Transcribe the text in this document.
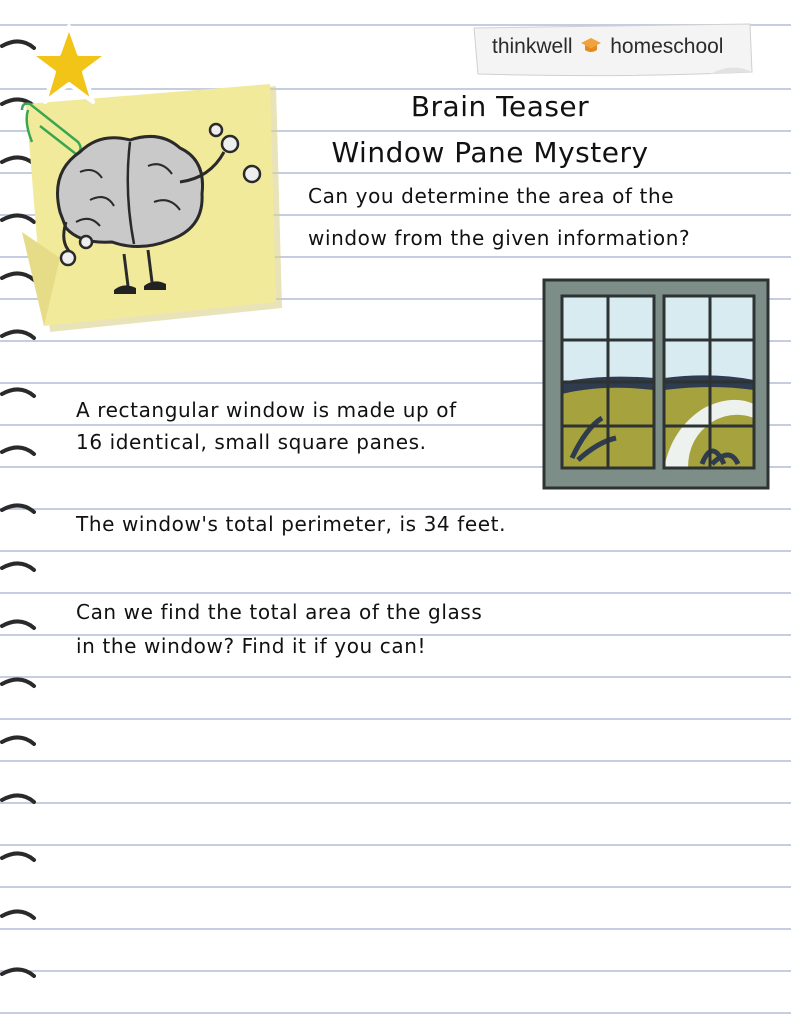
thinkwell homeschool
Brain Teaser
Window Pane Mystery
Can you determine the area of the
window from the given information?
A rectangular window is made up of
16 identical, small square panes.
The window's total perimeter, is 34 feet.
Can we find the total area of the glass
in the window? Find it if you can!
